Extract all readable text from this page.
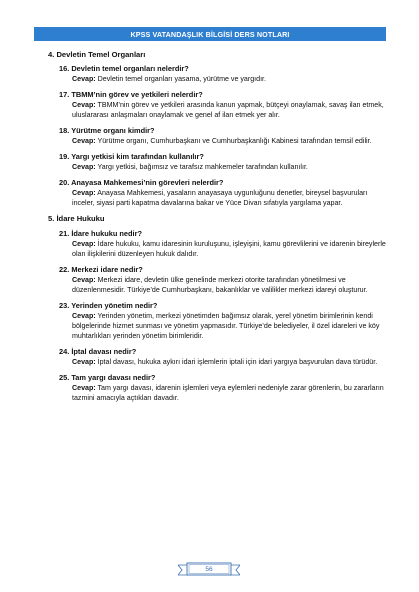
KPSS VATANDAŞLIK BİLGİSİ DERS NOTLARI
4. Devletin Temel Organları
16. Devletin temel organları nelerdir?
Cevap: Devletin temel organları yasama, yürütme ve yargıdır.
17. TBMM’nin görev ve yetkileri nelerdir?
Cevap: TBMM’nin görev ve yetkileri arasında kanun yapmak, bütçeyi onaylamak, savaş ilan etmek, uluslararası anlaşmaları onaylamak ve genel af ilan etmek yer alır.
18. Yürütme organı kimdir?
Cevap: Yürütme organı, Cumhurbaşkanı ve Cumhurbaşkanlığı Kabinesi tarafından temsil edilir.
19. Yargı yetkisi kim tarafından kullanılır?
Cevap: Yargı yetkisi, bağımsız ve tarafsız mahkemeler tarafından kullanılır.
20. Anayasa Mahkemesi’nin görevleri nelerdir?
Cevap: Anayasa Mahkemesi, yasaların anayasaya uygunluğunu denetler, bireysel başvuruları inceler, siyasi parti kapatma davalarına bakar ve Yüce Divan sıfatıyla yargılama yapar.
5. İdare Hukuku
21. İdare hukuku nedir?
Cevap: İdare hukuku, kamu idaresinin kuruluşunu, işleyişini, kamu görevlilerini ve idarenin bireylerle olan ilişkilerini düzenleyen hukuk dalıdır.
22. Merkezi idare nedir?
Cevap: Merkezi idare, devletin ülke genelinde merkezi otorite tarafından yönetilmesi ve düzenlenmesidir. Türkiye’de Cumhurbaşkanı, bakanlıklar ve valilikler merkezi idareyi oluşturur.
23. Yerinden yönetim nedir?
Cevap: Yerinden yönetim, merkezi yönetimden bağımsız olarak, yerel yönetim birimlerinin kendi bölgelerinde hizmet sunması ve yönetim yapmasıdır. Türkiye’de belediyeler, il özel idareleri ve köy muhtarlıkları yerinden yönetim birimleridir.
24. İptal davası nedir?
Cevap: İptal davası, hukuka aykırı idari işlemlerin iptali için idari yargıya başvurulan dava türüdür.
25. Tam yargı davası nedir?
Cevap: Tam yargı davası, idarenin işlemleri veya eylemleri nedeniyle zarar görenlerin, bu zararların tazmini amacıyla açtıkları davadır.
56
